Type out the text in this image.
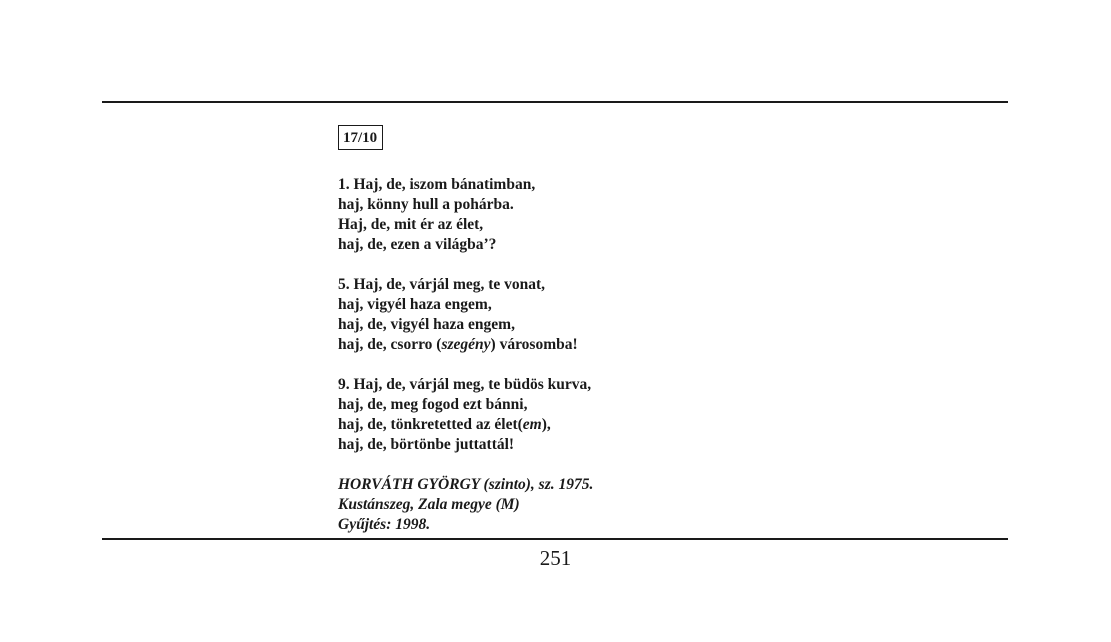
17/10
1. Haj, de, iszom bánatimban,
haj, könny hull a pohárba.
Haj, de, mit ér az élet,
haj, de, ezen a világba’?
5. Haj, de, várjál meg, te vonat,
haj, vigyél haza engem,
haj, de, vigyél haza engem,
haj, de, csorro (szegény) városomba!
9. Haj, de, várjál meg, te büdös kurva,
haj, de, meg fogod ezt bánni,
haj, de, tönkretetted az élet(em),
haj, de, börtönbe juttattál!
HORVÁTH GYÖRGY (szinto), sz. 1975.
Kustánszeg, Zala megye (M)
Gyűjtés: 1998.
251
